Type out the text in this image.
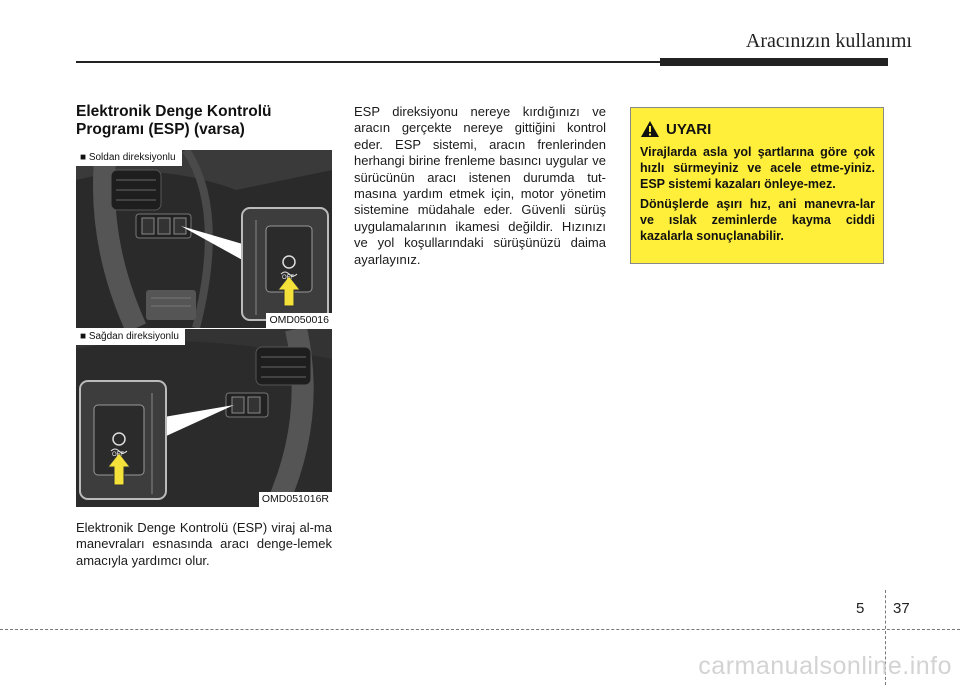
Aracınızın kullanımı
Elektronik Denge Kontrolü
Programı (ESP) (varsa)
■ Soldan direksiyonlu
OMD050016
OFF
■ Sağdan direksiyonlu
OMD051016R
OFF

Elektronik Denge Kontrolü (ESP) viraj al-ma manevraları esnasında aracı denge-lemek amacıyla yardımcı olur.

ESP direksiyonu nereye kırdığınızı ve aracın gerçekte nereye gittiğini kontrol eder. ESP sistemi, aracın frenlerinden herhangi birine frenleme basıncı uygular ve sürücünün aracı istenen durumda tut-masına yardım etmek için, motor yönetim sistemine müdahale eder. Güvenli sürüş uygulamalarının ikamesi değildir. Hızınızı ve yol koşullarındaki sürüşünüzü daima ayarlayınız.

UYARI

Virajlarda asla yol şartlarına göre çok hızlı sürmeyiniz ve acele etme-yiniz. ESP sistemi kazaları önleye-mez.

Dönüşlerde aşırı hız, ani manevra-lar ve ıslak zeminlerde kayma ciddi kazalarla sonuçlanabilir.

5 37
carmanualsonline.info
